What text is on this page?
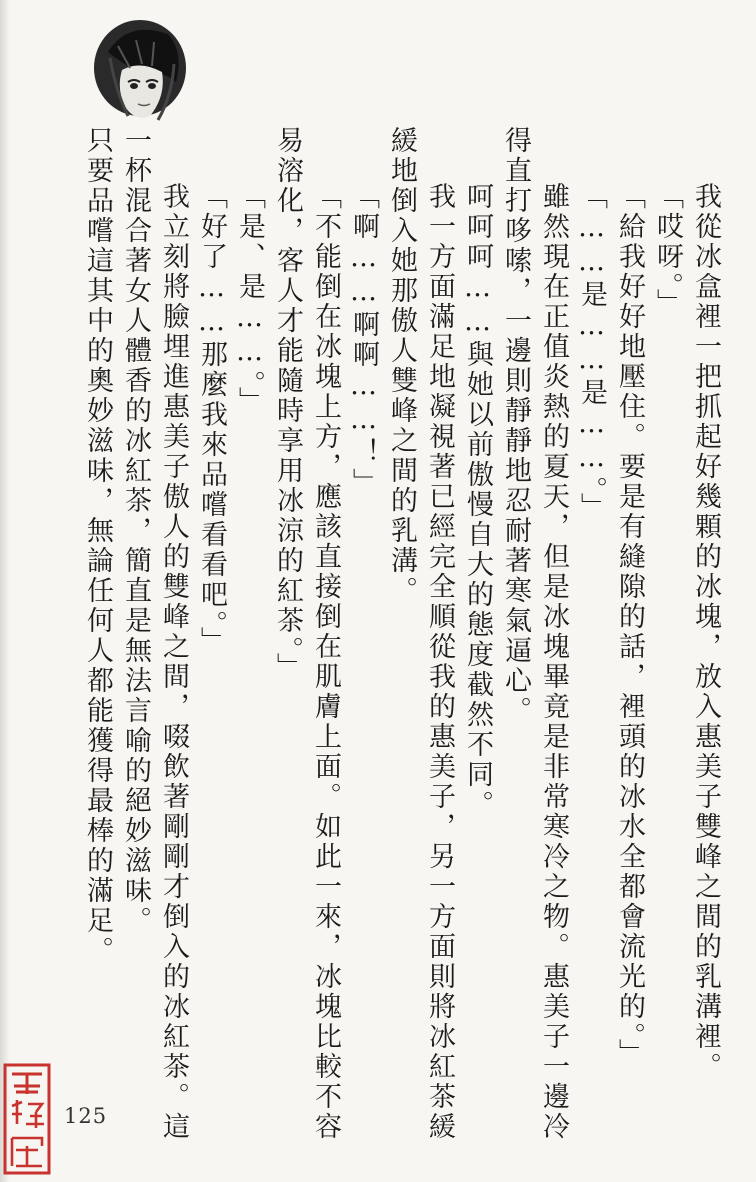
我從冰盒裡一把抓起好幾顆的冰塊，放入惠美子雙峰之間的乳溝裡。
「哎呀。」
「給我好好地壓住。要是有縫隙的話，裡頭的冰水全都會流光的。」
「……是……是……。」
雖然現在正值炎熱的夏天，但是冰塊畢竟是非常寒冷之物。惠美子一邊冷
得直打哆嗦，一邊則靜靜地忍耐著寒氣逼心。
呵呵呵……與她以前傲慢自大的態度截然不同。
我一方面滿足地凝視著已經完全順從我的惠美子，另一方面則將冰紅茶緩
緩地倒入她那傲人雙峰之間的乳溝。
「啊……啊啊……！」
「不能倒在冰塊上方，應該直接倒在肌膚上面。如此一來，冰塊比較不容
易溶化，客人才能隨時享用冰涼的紅茶。」
「是、是……。」
「好了……那麼我來品嚐看看吧。」
我立刻將臉埋進惠美子傲人的雙峰之間，啜飲著剛剛才倒入的冰紅茶。這
一杯混合著女人體香的冰紅茶，簡直是無法言喻的絕妙滋味。
只要品嚐這其中的奧妙滋味，無論任何人都能獲得最棒的滿足。
125
